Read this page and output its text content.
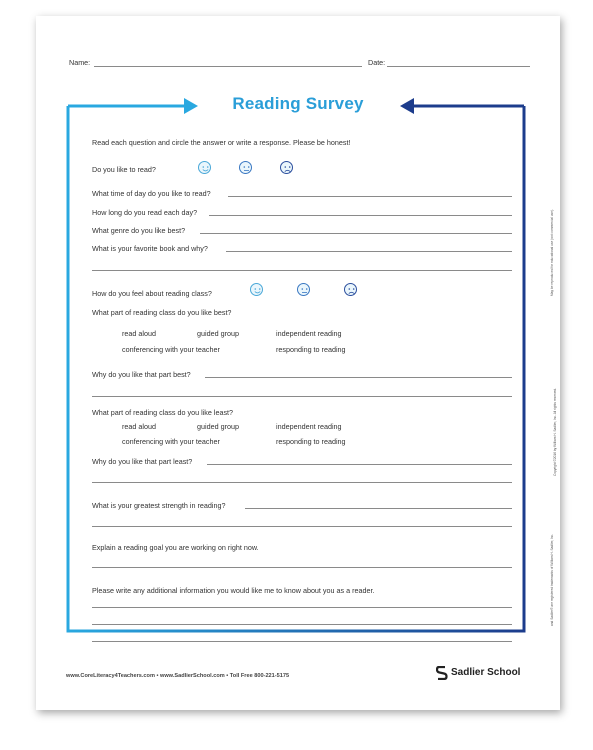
Name:	Date:
Reading Survey
Read each question and circle the answer or write a response. Please be honest!
Do you like to read?
What time of day do you like to read?
How long do you read each day?
What genre do you like best?
What is your favorite book and why?
How do you feel about reading class?
What part of reading class do you like best?
read aloud	guided group	independent reading
conferencing with your teacher	responding to reading
Why do you like that part best?
What part of reading class do you like least?
read aloud	guided group	independent reading
conferencing with your teacher	responding to reading
Why do you like that part least?
What is your greatest strength in reading?
Explain a reading goal you are working on right now.
Please write any additional information you would like me to know about you as a reader.
May be reproduced for educational use (not commercial use).
Copyright ©2016 by William H. Sadlier, Inc. All rights reserved.
and Sadlier® are registered trademarks of William H. Sadlier, Inc.
www.CoreLiteracy4Teachers.com • www.SadlierSchool.com • Toll Free 800-221-5175	Sadlier School
